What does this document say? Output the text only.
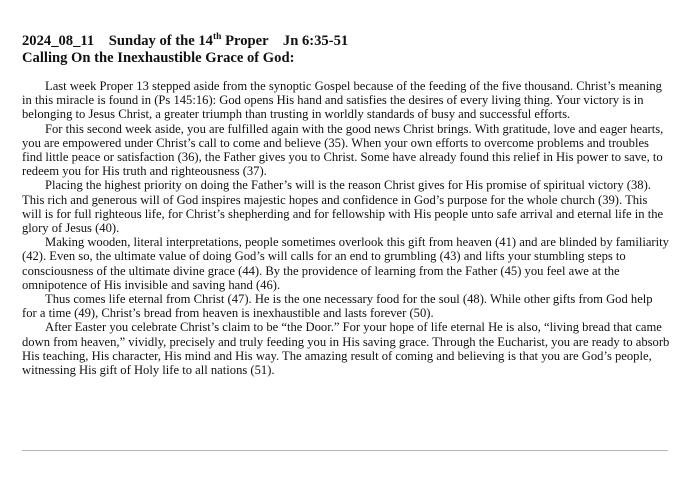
2024_08_11 Sunday of the 14th Proper Jn 6:35-51
Calling On the Inexhaustible Grace of God:

Last week Proper 13 stepped aside from the synoptic Gospel because of the feeding of the five thousand. Christ’s meaning in this miracle is found in (Ps 145:16): God opens His hand and satisfies the desires of every living thing. Your victory is in belonging to Jesus Christ, a greater triumph than trusting in worldly standards of busy and successful efforts.

For this second week aside, you are fulfilled again with the good news Christ brings. With gratitude, love and eager hearts, you are empowered under Christ’s call to come and believe (35). When your own efforts to overcome problems and troubles find little peace or satisfaction (36), the Father gives you to Christ. Some have already found this relief in His power to save, to redeem you for His truth and righteousness (37).

Placing the highest priority on doing the Father’s will is the reason Christ gives for His promise of spiritual victory (38). This rich and generous will of God inspires majestic hopes and confidence in God’s purpose for the whole church (39). This will is for full righteous life, for Christ’s shepherding and for fellowship with His people unto safe arrival and eternal life in the glory of Jesus (40).

Making wooden, literal interpretations, people sometimes overlook this gift from heaven (41) and are blinded by familiarity (42). Even so, the ultimate value of doing God’s will calls for an end to grumbling (43) and lifts your stumbling steps to consciousness of the ultimate divine grace (44). By the providence of learning from the Father (45) you feel awe at the omnipotence of His invisible and saving hand (46).

Thus comes life eternal from Christ (47). He is the one necessary food for the soul (48). While other gifts from God help for a time (49), Christ’s bread from heaven is inexhaustible and lasts forever (50).

After Easter you celebrate Christ’s claim to be “the Door.” For your hope of life eternal He is also, “living bread that came down from heaven,” vividly, precisely and truly feeding you in His saving grace. Through the Eucharist, you are ready to absorb His teaching, His character, His mind and His way. The amazing result of coming and believing is that you are God’s people, witnessing His gift of Holy life to all nations (51).
